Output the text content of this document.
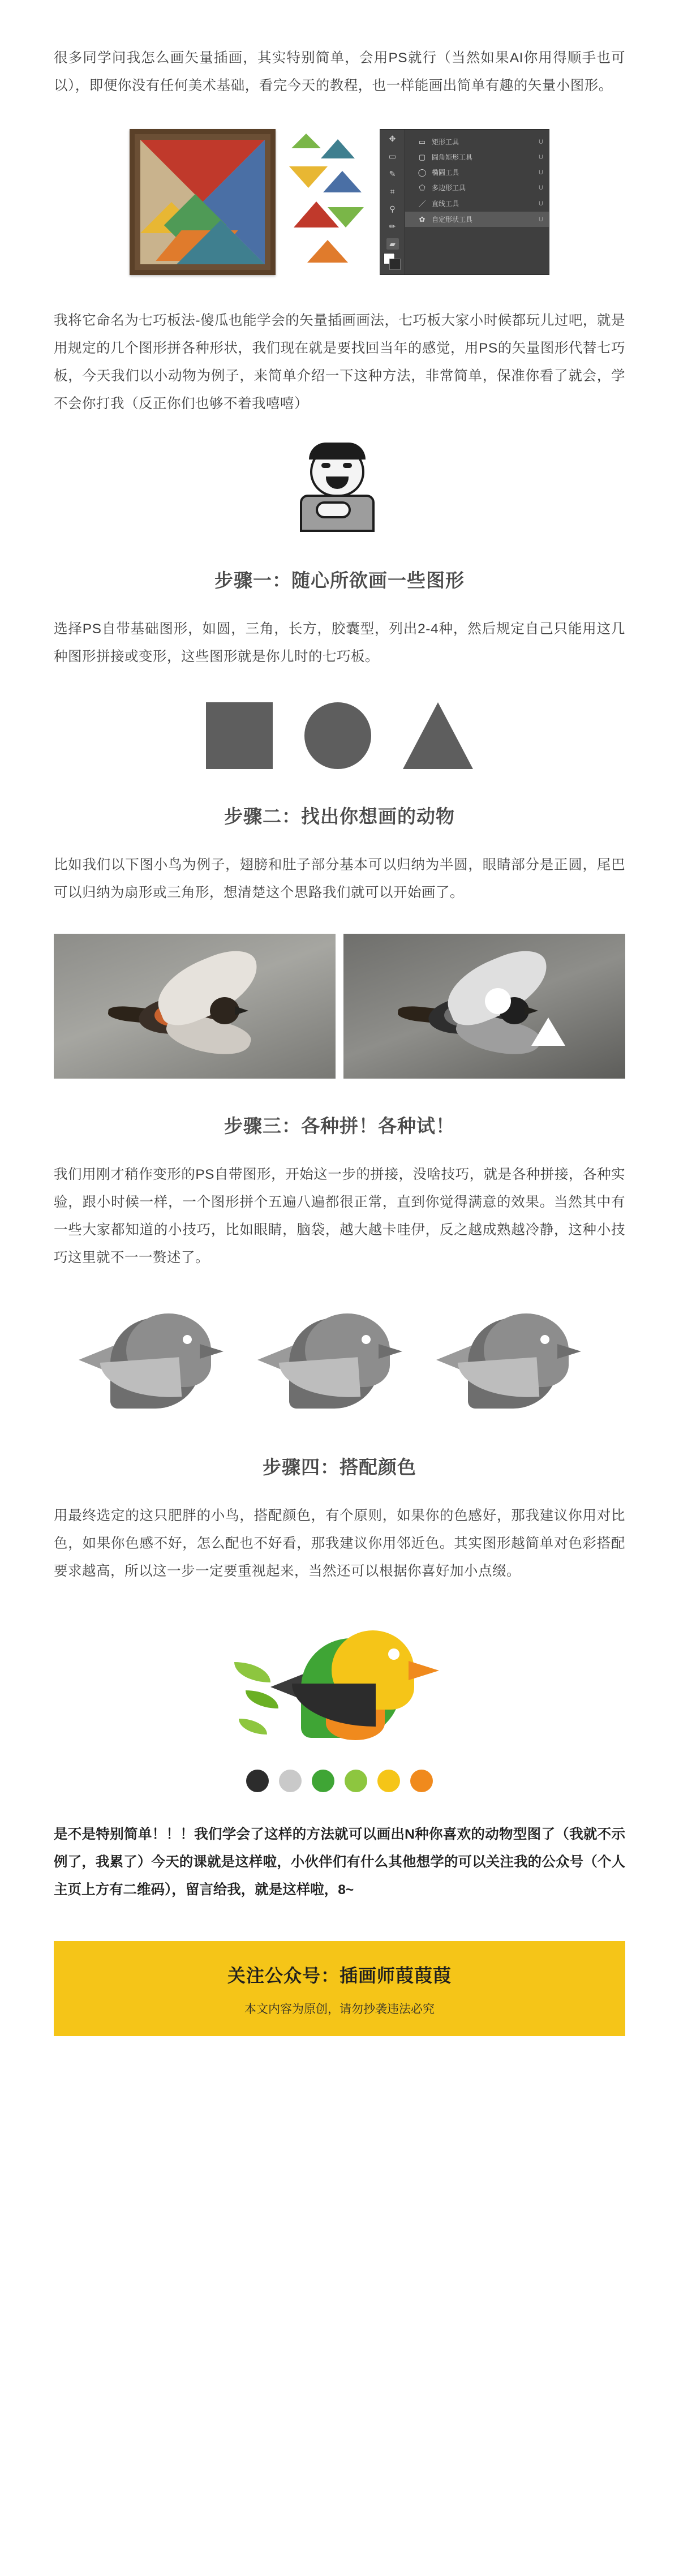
很多同学问我怎么画矢量插画，其实特别简单，会用PS就行（当然如果AI你用得顺手也可以），即便你没有任何美术基础，看完今天的教程，也一样能画出简单有趣的矢量小图形。

✥
▭
✎
⌗
⚲
✏
▰
▭ 矩形工具	U
▢ 圆角矩形工具	U
◯ 椭圆工具	U
⬠ 多边形工具	U
／ 直线工具	U
✿ 自定形状工具	U

我将它命名为七巧板法-傻瓜也能学会的矢量插画画法，七巧板大家小时候都玩儿过吧，就是用规定的几个图形拼各种形状，我们现在就是要找回当年的感觉，用PS的矢量图形代替七巧板，今天我们以小动物为例子，来简单介绍一下这种方法，非常简单，保准你看了就会，学不会你打我（反正你们也够不着我嘻嘻）

步骤一：随心所欲画一些图形

选择PS自带基础图形，如圆，三角，长方，胶囊型，列出2-4种，然后规定自己只能用这几种图形拼接或变形，这些图形就是你儿时的七巧板。

步骤二：找出你想画的动物

比如我们以下图小鸟为例子，翅膀和肚子部分基本可以归纳为半圆，眼睛部分是正圆，尾巴可以归纳为扇形或三角形，想清楚这个思路我们就可以开始画了。

步骤三：各种拼！各种试！

我们用刚才稍作变形的PS自带图形，开始这一步的拼接，没啥技巧，就是各种拼接，各种实验，跟小时候一样，一个图形拼个五遍八遍都很正常，直到你觉得满意的效果。当然其中有一些大家都知道的小技巧，比如眼睛，脑袋，越大越卡哇伊，反之越成熟越冷静，这种小技巧这里就不一一赘述了。

步骤四：搭配颜色

用最终选定的这只肥胖的小鸟，搭配颜色，有个原则，如果你的色感好，那我建议你用对比色，如果你色感不好，怎么配也不好看，那我建议你用邻近色。其实图形越简单对色彩搭配要求越高，所以这一步一定要重视起来，当然还可以根据你喜好加小点缀。

是不是特别简单！！！我们学会了这样的方法就可以画出N种你喜欢的动物型图了（我就不示例了，我累了）今天的课就是这样啦，小伙伴们有什么其他想学的可以关注我的公众号（个人主页上方有二维码），留言给我，就是这样啦，8~

关注公众号：插画师葭葭葭
本文内容为原创，请勿抄袭违法必究
